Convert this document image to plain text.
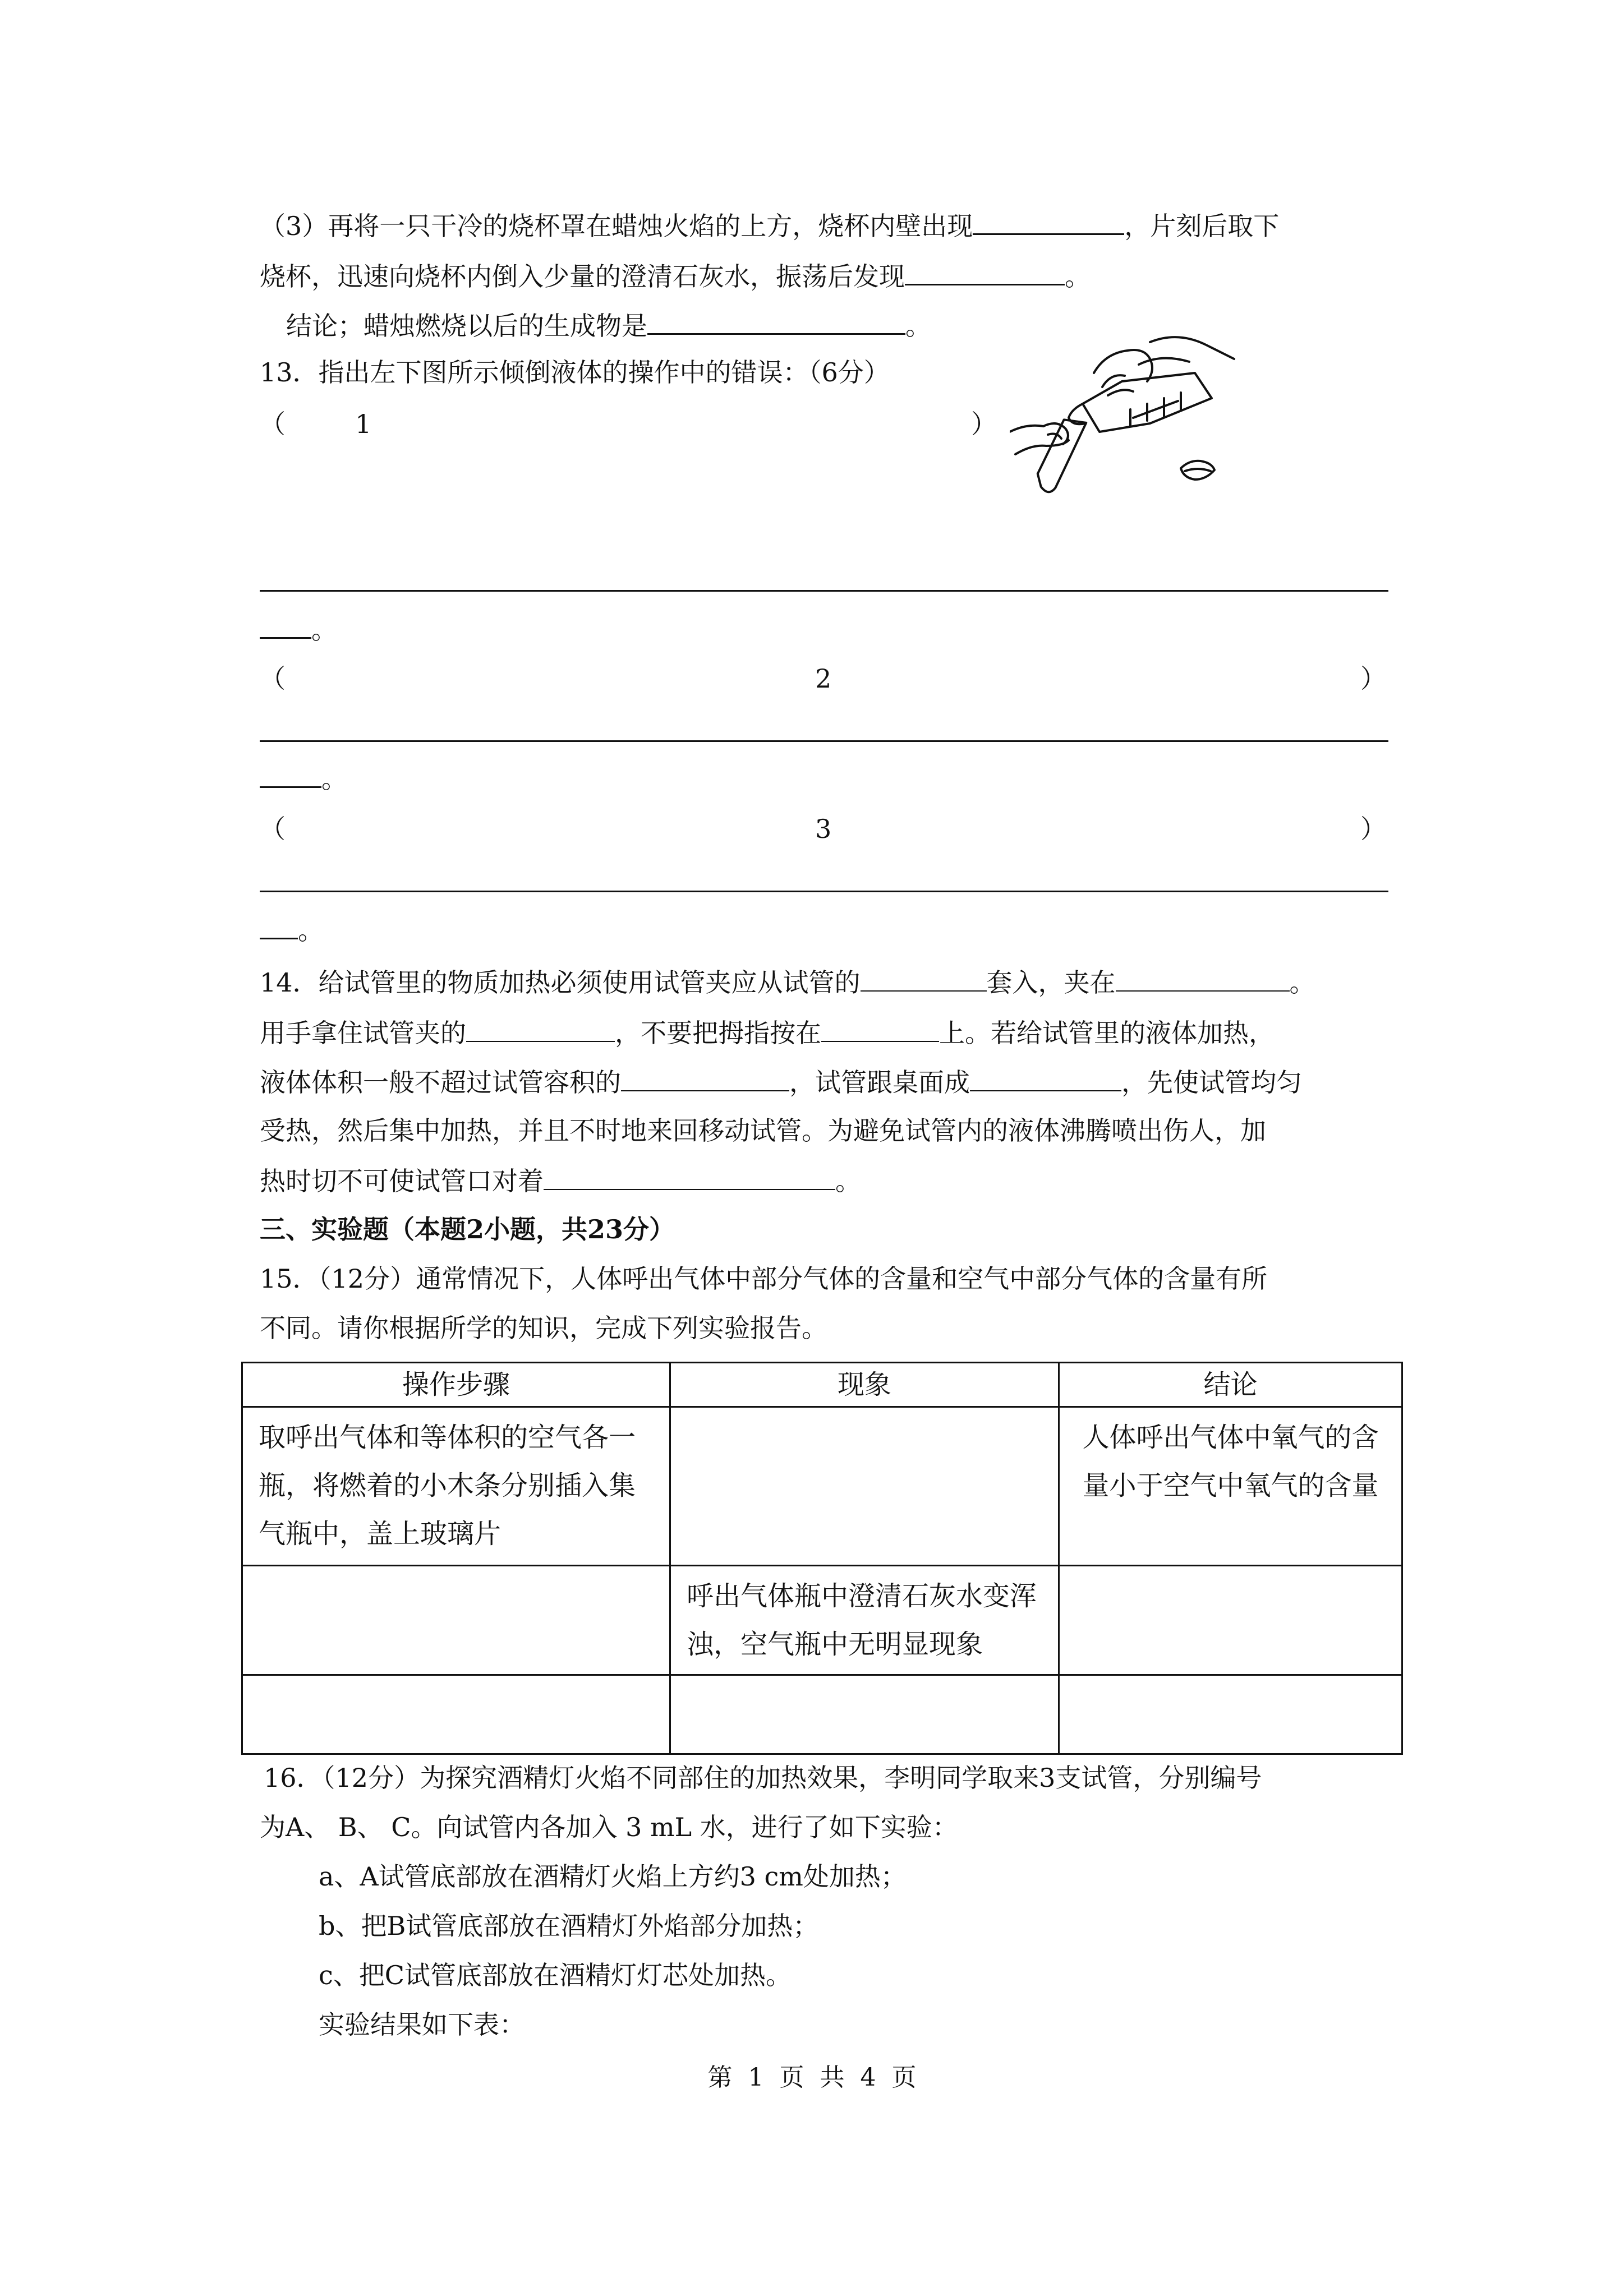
（3）再将一只干冷的烧杯罩在蜡烛火焰的上方，烧杯内壁出现	，片刻后取下
烧杯，迅速向烧杯内倒入少量的澄清石灰水，振荡后发现	。
结论；蜡烛燃烧以后的生成物是	。
13．指出左下图所示倾倒液体的操作中的错误：（6分）
（	1	）
。
（	2	）
。
（	3	）
。
14．给试管里的物质加热必须使用试管夹应从试管的	套入，夹在	。
用手拿住试管夹的	，不要把拇指按在	上。若给试管里的液体加热，
液体体积一般不超过试管容积的	，试管跟桌面成	，先使试管均匀
受热，然后集中加热，并且不时地来回移动试管。为避免试管内的液体沸腾喷出伤人，加
热时切不可使试管口对着	。
三、实验题（本题2小题，共23分）
15．（12分）通常情况下，人体呼出气体中部分气体的含量和空气中部分气体的含量有所
不同。请你根据所学的知识，完成下列实验报告。
操作步骤	现象	结论
取呼出气体和等体积的空气各一瓶，将燃着的小木条分别插入集气瓶中，盖上玻璃片		人体呼出气体中氧气的含量小于空气中氧气的含量
	呼出气体瓶中澄清石灰水变浑浊，空气瓶中无明显现象	

16．（12分）为探究酒精灯火焰不同部住的加热效果，李明同学取来3支试管，分别编号
为A、 B、 C。向试管内各加入 3 mL 水，进行了如下实验：
a、A试管底部放在酒精灯火焰上方约3 cm处加热；
b、把B试管底部放在酒精灯外焰部分加热；
c、把C试管底部放在酒精灯灯芯处加热。
实验结果如下表：
第 1 页 共 4 页
